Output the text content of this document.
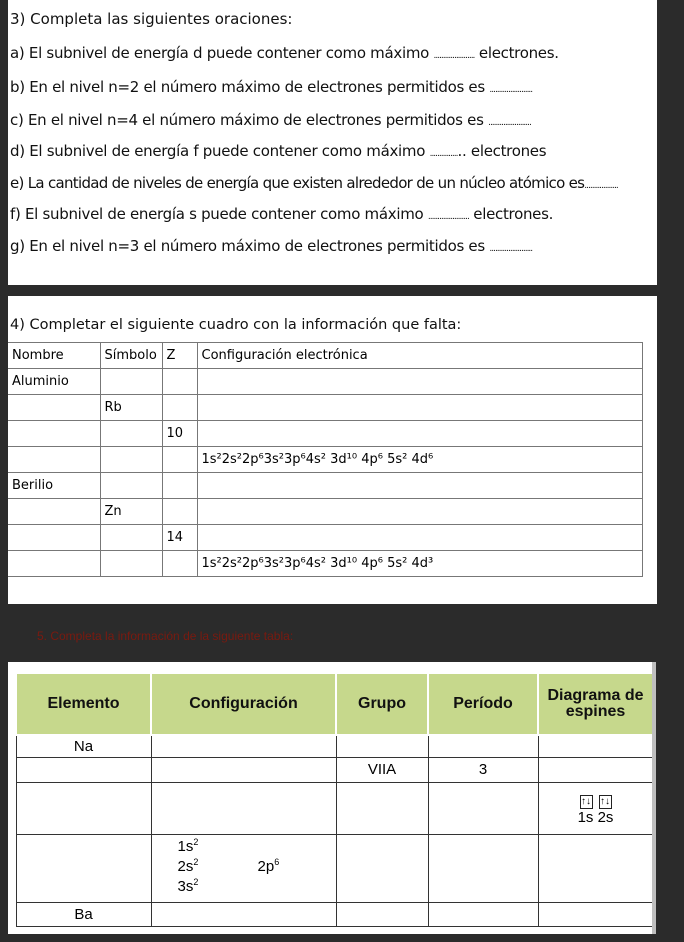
3) Completa las siguientes oraciones:
a) El subnivel de energía d puede contener como máximo ...................... electrones.
b) En el nivel n=2 el número máximo de electrones permitidos es .......................
c) En el nivel n=4 el número máximo de electrones permitidos es .......................
d) El subnivel de energía f puede contener como máximo ................. electrones
e) La cantidad de niveles de energía que existen alrededor de un núcleo atómico es..................
f) El subnivel de energía s puede contener como máximo ...................... electrones.
g) En el nivel n=3 el número máximo de electrones permitidos es .......................
4) Completar el siguiente cuadro con la información que falta:
Nombre	Símbolo	Z	Configuración electrónica
Aluminio			
	Rb		
		10	
			1s²2s²2p⁶3s²3p⁶4s² 3d¹⁰ 4p⁶ 5s² 4d⁶
Berilio			
	Zn		
		14	
			1s²2s²2p⁶3s²3p⁶4s² 3d¹⁰ 4p⁶ 5s² 4d³
5. Completa la información de la siguiente tabla:
Elemento	Configuración	Grupo	Período	Diagrama de espines
Na				
		VIIA	3	

				↑↓ ↑↓
1s 2s

	$1s^2$
$2s^2$ $2p^6$
$3s^2$

Ba				
